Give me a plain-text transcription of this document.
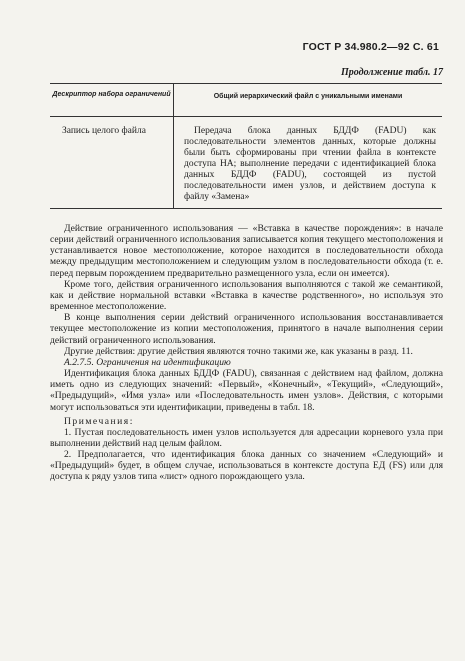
ГОСТ Р 34.980.2—92 С. 61
Продолжение табл. 17
Дескриптор набора ограничений	Общий иерархический файл с уникальными именами
Запись целого файла	Передача блока данных БДДФ (FADU) как последовательности элементов данных, которые должны были быть сформированы при чтении файла в контексте доступа НА; выполнение передачи с идентификацией блока данных БДДФ (FADU), состоящей из пустой последовательности имен узлов, и действием доступа к файлу «Замена»

Действие ограниченного использования — «Вставка в качестве порождения»: в начале серии действий ограниченного использования записывается копия текущего местоположения и устанавливается новое местоположение, которое находится в последовательности обхода между предыдущим местоположением и следующим узлом в последовательности обхода (т. е. перед первым порождением предварительно размещенного узла, если он имеется).

Кроме того, действия ограниченного использования выполняются с такой же семантикой, как и действие нормальной вставки «Вставка в качестве родственного», но используя это временное местоположение.

В конце выполнения серии действий ограниченного использования восстанавливается текущее местоположение из копии местоположения, принятого в начале выполнения серии действий ограниченного использования.

Другие действия: другие действия являются точно такими же, как указаны в разд. 11.

А.2.7.5. Ограничения на идентификацию

Идентификация блока данных БДДФ (FADU), связанная с действием над файлом, должна иметь одно из следующих значений: «Первый», «Конечный», «Текущий», «Следующий», «Предыдущий», «Имя узла» или «Последовательность имен узлов». Действия, с которыми могут использоваться эти идентификации, приведены в табл. 18.

Примечания:

1. Пустая последовательность имен узлов используется для адресации корневого узла при выполнении действий над целым файлом.

2. Предполагается, что идентификация блока данных со значением «Следующий» и «Предыдущий» будет, в общем случае, использоваться в контексте доступа ЕД (FS) или для доступа к ряду узлов типа «лист» одного порождающего узла.
